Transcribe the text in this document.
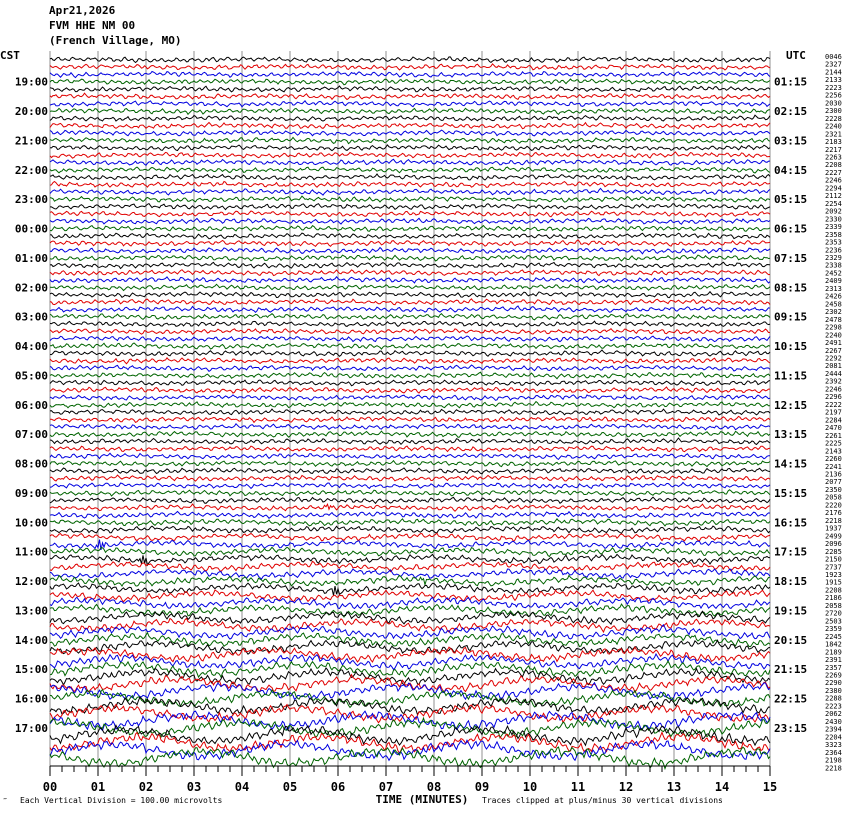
19:00	01:15
20:00	02:15
21:00	03:15
22:00	04:15
23:00	05:15
00:00	06:15
01:00	07:15
02:00	08:15
03:00	09:15
04:00	10:15
05:00	11:15
06:00	12:15
07:00	13:15
08:00	14:15
09:00	15:15
10:00	16:15
11:00	17:15
12:00	18:15
13:00	19:15
14:00	20:15
15:00	21:15
16:00	22:15
17:00	23:15
0046
2327
2144
2133
2223
2256
2030
2300
2228
2240
2321
2183
2217
2263
2208
2227
2246
2294
2112
2254
2092
2330
2339
2358
2353
2236
2329
2338
2452
2409
2313
2426
2458
2302
2478
2298
2240
2491
2267
2292
2081
2444
2392
2246
2296
2222
2197
2284
2470
2261
2225
2143
2260
2241
2136
2077
2350
2058
2220
2176
2218
1937
2499
2096
2285
2150
2737
1923
1915
2208
2186
2058
2720
2503
2359
2245
1842
2189
2391
2357
2269
2290
2380
2288
2223
2062
2430
2394
2204
3323
2364
2198
2218
00	01	02	03	04	05	06	07	08	09	10	11	12	13	14	15
‴ Each Vertical Division = 100.00 microvolts	TIME (MINUTES) Traces clipped at plus/minus 30 vertical divisions
Apr21,2026
FVM HHE NM 00
(French Village, MO)
CST	UTC
